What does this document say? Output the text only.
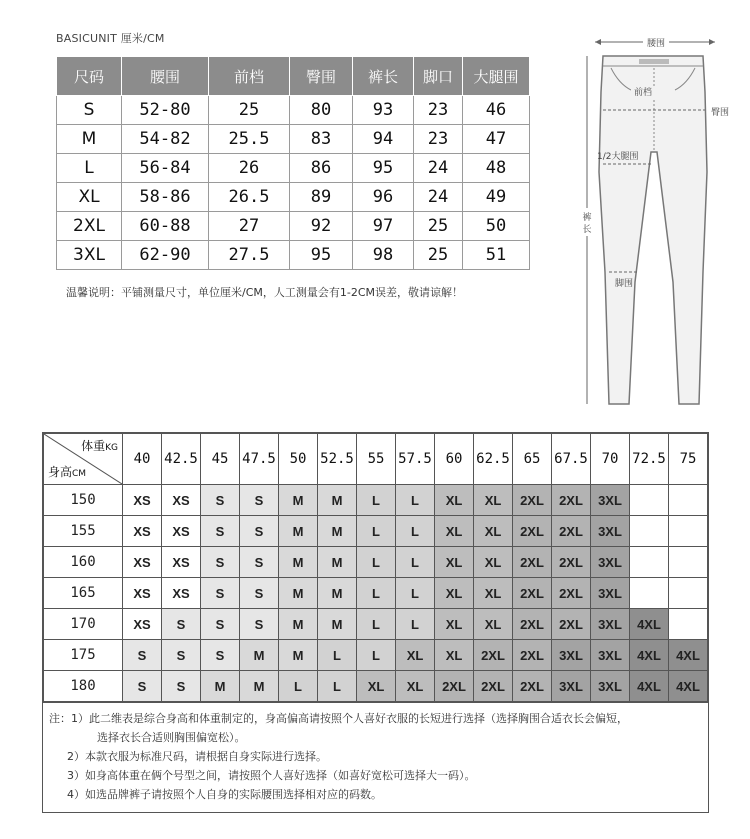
BASICUNIT 厘米/CM
尺码	腰围	前档	臀围	裤长	脚口	大腿围
S	52-80	25	80	93	23	46
M	54-82	25.5	83	94	23	47
L	56-84	26	86	95	24	48
XL	58-86	26.5	89	96	24	49
2XL	60-88	27	92	97	25	50
3XL	62-90	27.5	95	98	25	51
温馨说明：平铺测量尺寸，单位厘米/CM，人工测量会有1-2CM误差，敬请谅解！
腰围
前档
臀围
1/2大腿围
裤
长
脚围
体重KG
身高CM	40	42.5	45	47.5	50	52.5	55	57.5	60	62.5	65	67.5	70	72.5	75
150	XS	XS	S	S	M	M	L	L	XL	XL	2XL	2XL	3XL		
155	XS	XS	S	S	M	M	L	L	XL	XL	2XL	2XL	3XL		
160	XS	XS	S	S	M	M	L	L	XL	XL	2XL	2XL	3XL		
165	XS	XS	S	S	M	M	L	L	XL	XL	2XL	2XL	3XL		
170	XS	S	S	S	M	M	L	L	XL	XL	2XL	2XL	3XL	4XL	
175	S	S	S	M	M	L	L	XL	XL	2XL	2XL	3XL	3XL	4XL	4XL
180	S	S	M	M	L	L	XL	XL	2XL	2XL	2XL	3XL	3XL	4XL	4XL
注：1）此二维表是综合身高和体重制定的，身高偏高请按照个人喜好衣服的长短进行选择（选择胸围合适衣长会偏短，
选择衣长合适则胸围偏宽松）。
2）本款衣服为标准尺码，请根据自身实际进行选择。
3）如身高体重在俩个号型之间，请按照个人喜好选择（如喜好宽松可选择大一码）。
4）如选品牌裤子请按照个人自身的实际腰围选择相对应的码数。
